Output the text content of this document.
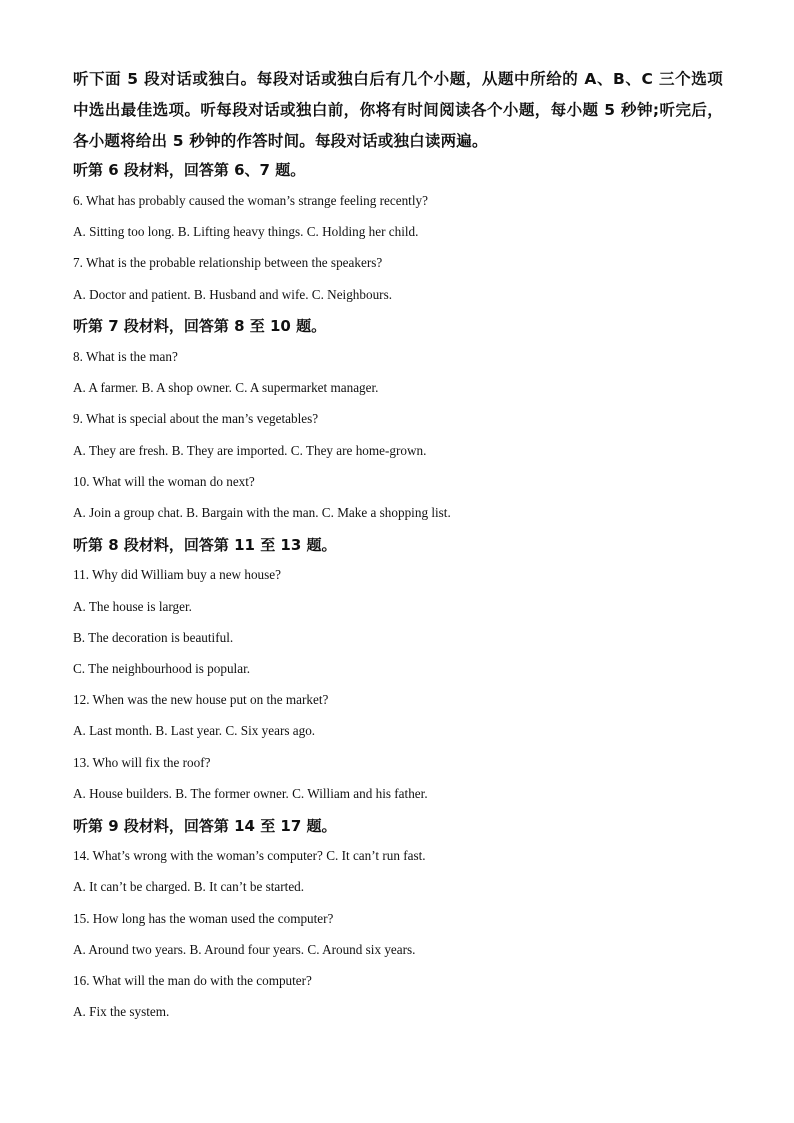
听下面 5 段对话或独白。每段对话或独白后有几个小题，从题中所给的 A、B、C 三个选项中选出最佳选项。听每段对话或独白前，你将有时间阅读各个小题，每小题 5 秒钟;听完后，各小题将给出 5 秒钟的作答时间。每段对话或独白读两遍。
听第 6 段材料，回答第 6、7 题。
6. What has probably caused the woman’s strange feeling recently?
A. Sitting too long. B. Lifting heavy things. C. Holding her child.
7. What is the probable relationship between the speakers?
A. Doctor and patient. B. Husband and wife. C. Neighbours.
听第 7 段材料，回答第 8 至 10 题。
8. What is the man?
A. A farmer. B. A shop owner. C. A supermarket manager.
9. What is special about the man’s vegetables?
A. They are fresh. B. They are imported. C. They are home-grown.
10. What will the woman do next?
A. Join a group chat. B. Bargain with the man. C. Make a shopping list.
听第 8 段材料，回答第 11 至 13 题。
11. Why did William buy a new house?
A. The house is larger.
B. The decoration is beautiful.
C. The neighbourhood is popular.
12. When was the new house put on the market?
A. Last month. B. Last year. C. Six years ago.
13. Who will fix the roof?
A. House builders. B. The former owner. C. William and his father.
听第 9 段材料，回答第 14 至 17 题。
14. What’s wrong with the woman’s computer? C. It can’t run fast.
A. It can’t be charged. B. It can’t be started.
15. How long has the woman used the computer?
A. Around two years. B. Around four years. C. Around six years.
16. What will the man do with the computer?
A. Fix the system.
